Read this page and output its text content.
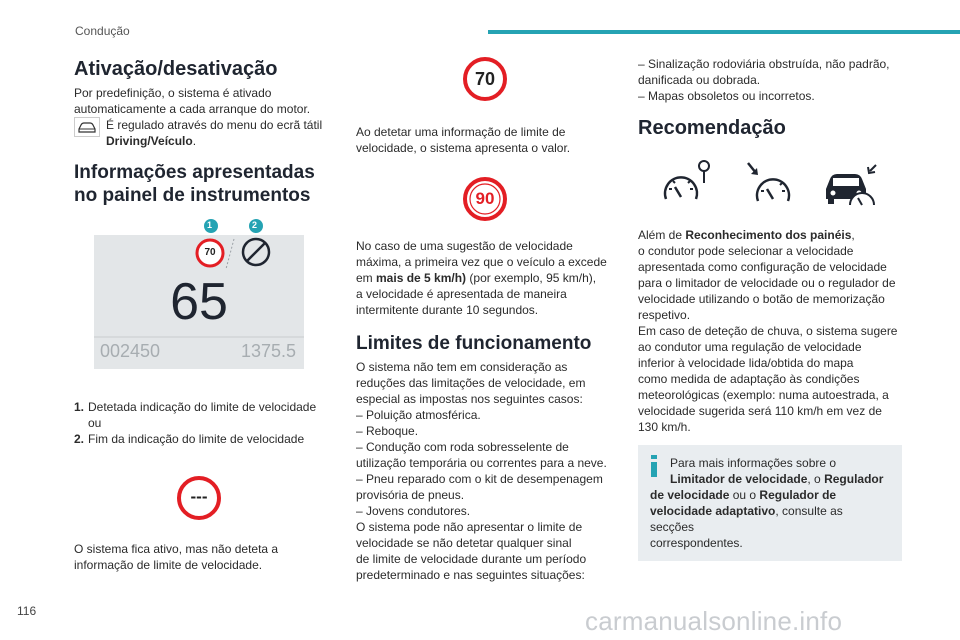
Condução
Ativação/desativação

Por predefinição, o sistema é ativado

automaticamente a cada arranque do motor.

É regulado através do menu do ecrã tátil

Driving/Veículo.

Informações apresentadas
no painel de instrumentos
1	2
70
65
002450	1375.5
1. Detetada indicação do limite de velocidade
ou
2. Fim da indicação do limite de velocidade
---

O sistema fica ativo, mas não deteta a

informação de limite de velocidade.

70

Ao detetar uma informação de limite de

velocidade, o sistema apresenta o valor.

90

No caso de uma sugestão de velocidade

máxima, a primeira vez que o veículo a excede

em mais de 5 km/h) (por exemplo, 95 km/h),

a velocidade é apresentada de maneira

intermitente durante 10 segundos.

Limites de funcionamento

O sistema não tem em consideração as

reduções das limitações de velocidade, em

especial as impostas nos seguintes casos:

– Poluição atmosférica.

– Reboque.

– Condução com roda sobresselente de

utilização temporária ou correntes para a neve.

– Pneu reparado com o kit de desempenagem

provisória de pneus.

– Jovens condutores.

O sistema pode não apresentar o limite de

velocidade se não detetar qualquer sinal

de limite de velocidade durante um período

predeterminado e nas seguintes situações:

– Sinalização rodoviária obstruída, não padrão,

danificada ou dobrada.

– Mapas obsoletos ou incorretos.

Recomendação

Além de Reconhecimento dos painéis,

o condutor pode selecionar a velocidade

apresentada como configuração de velocidade

para o limitador de velocidade ou o regulador de

velocidade utilizando o botão de memorização

respetivo.

Em caso de deteção de chuva, o sistema sugere

ao condutor uma regulação de velocidade

inferior à velocidade lida/obtida do mapa

como medida de adaptação às condições

meteorológicas (exemplo: numa autoestrada, a

velocidade sugerida será 110 km/h em vez de

130 km/h.

Para mais informações sobre o

Limitador de velocidade, o Regulador

de velocidade ou o Regulador de

velocidade adaptativo, consulte as secções

correspondentes.

116	carmanualsonline.info
